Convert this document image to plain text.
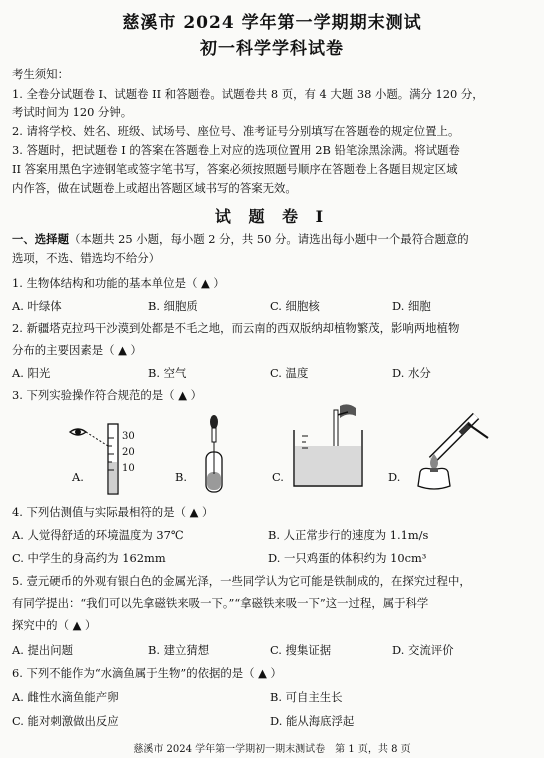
慈溪市 2024 学年第一学期期末测试
初一科学学科试卷
考生须知：
1. 全卷分试题卷 I、试题卷 II 和答题卷。试题卷共 8 页，有 4 大题 38 小题。满分 120 分，
考试时间为 120 分钟。
2. 请将学校、姓名、班级、试场号、座位号、准考证号分别填写在答题卷的规定位置上。
3. 答题时，把试题卷 I 的答案在答题卷上对应的选项位置用 2B 铅笔涂黑涂满。将试题卷
II 答案用黑色字迹钢笔或签字笔书写，答案必须按照题号顺序在答题卷上各题目规定区域
内作答，做在试题卷上或超出答题区域书写的答案无效。
试 题 卷 I
一、选择题（本题共 25 小题，每小题 2 分，共 50 分。请选出每小题中一个最符合题意的
选项，不选、错选均不给分）
1. 生物体结构和功能的基本单位是（ ▲ ）
A. 叶绿体	B. 细胞质	C. 细胞核	D. 细胞
2. 新疆塔克拉玛干沙漠到处都是不毛之地，而云南的西双版纳却植物繁茂，影响两地植物
分布的主要因素是（ ▲ ）
A. 阳光	B. 空气	C. 温度	D. 水分
3. 下列实验操作符合规范的是（ ▲ ）
30
20
10
A.	B.	C.	D.
4. 下列估测值与实际最相符的是（ ▲ ）
A. 人觉得舒适的环境温度为 37℃	B. 人正常步行的速度为 1.1m/s
C. 中学生的身高约为 162mm	D. 一只鸡蛋的体积约为 10cm³
5. 壹元硬币的外观有银白色的金属光泽，一些同学认为它可能是铁制成的，在探究过程中，
有同学提出：“我们可以先拿磁铁来吸一下。”“拿磁铁来吸一下”这一过程，属于科学
探究中的（ ▲ ）
A. 提出问题	B. 建立猜想	C. 搜集证据	D. 交流评价
6. 下列不能作为“水滴鱼属于生物”的依据的是（ ▲ ）
A. 雌性水滴鱼能产卵	B. 可自主生长
C. 能对刺激做出反应	D. 能从海底浮起
慈溪市 2024 学年第一学期初一期末测试卷　第 1 页，共 8 页
